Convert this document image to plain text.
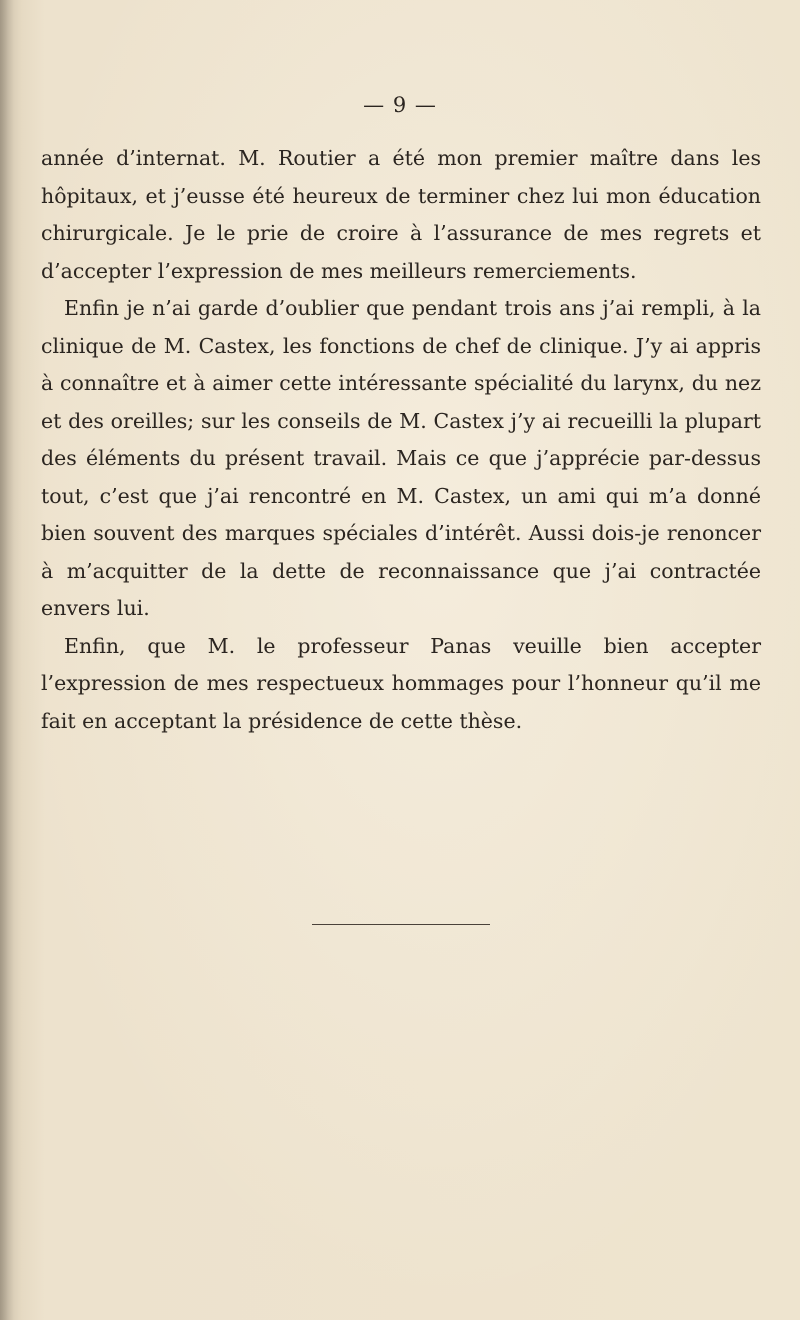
— 9 —

année d’internat. M. Routier a été mon premier maître dans les hôpitaux, et j’eusse été heureux de terminer chez lui mon éducation chirurgicale. Je le prie de croire à l’assurance de mes regrets et d’accepter l’expression de mes meilleurs remerciements.

Enfin je n’ai garde d’oublier que pendant trois ans j’ai rempli, à la clinique de M. Castex, les fonctions de chef de clinique. J’y ai appris à connaître et à aimer cette intéressante spécialité du larynx, du nez et des oreilles; sur les conseils de M. Castex j’y ai recueilli la plupart des éléments du présent travail. Mais ce que j’apprécie par-dessus tout, c’est que j’ai rencontré en M. Castex, un ami qui m’a donné bien souvent des marques spéciales d’intérêt. Aussi dois-je renoncer à m’acquitter de la dette de reconnaissance que j’ai contractée envers lui.

Enfin, que M. le professeur Panas veuille bien accepter l’expression de mes respectueux hommages pour l’honneur qu’il me fait en acceptant la présidence de cette thèse.
